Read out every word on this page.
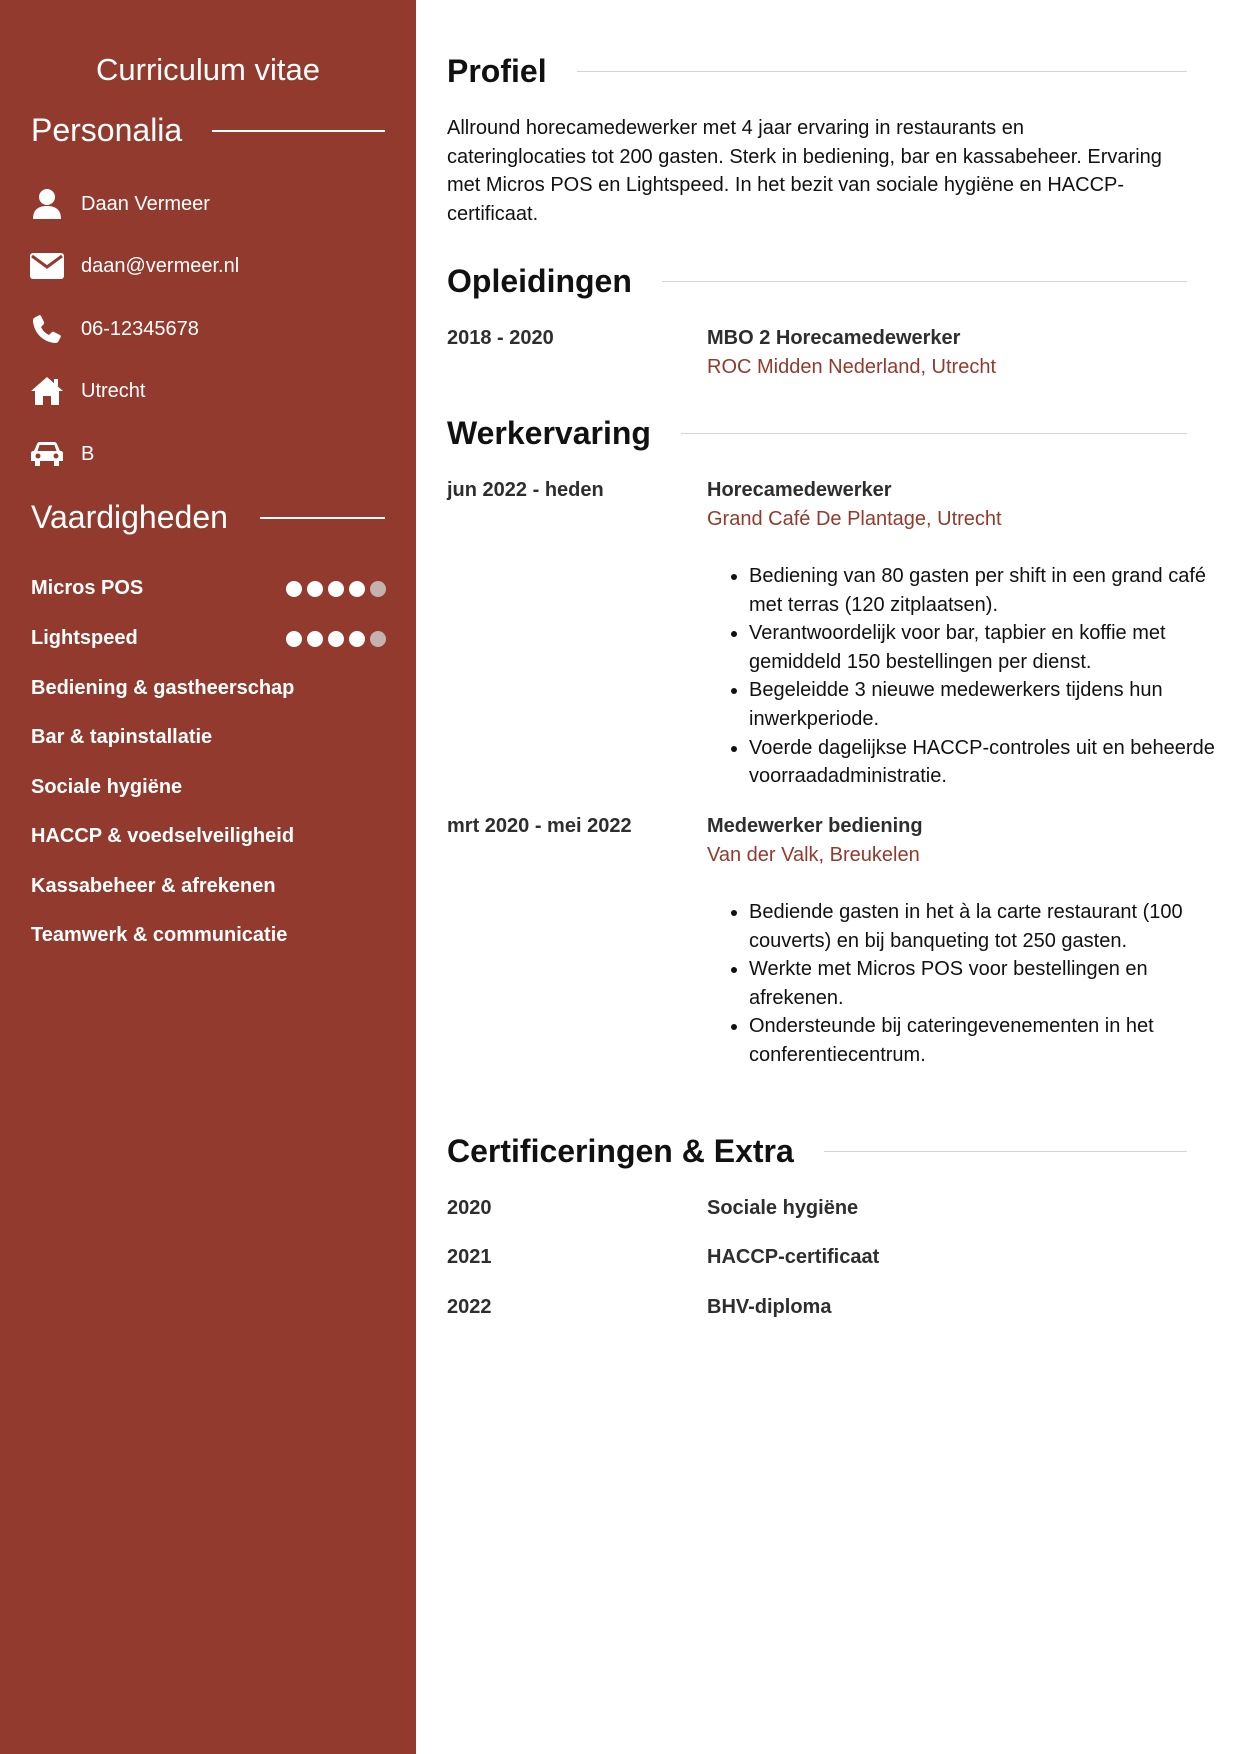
Curriculum vitae
Personalia
Daan Vermeer
daan@vermeer.nl
06-12345678
Utrecht
B
Vaardigheden
Micros POS
Lightspeed
Bediening & gastheerschap
Bar & tapinstallatie
Sociale hygiëne
HACCP & voedselveiligheid
Kassabeheer & afrekenen
Teamwerk & communicatie
Profiel

Allround horecamedewerker met 4 jaar ervaring in restaurants en cateringlocaties tot 200 gasten. Sterk in bediening, bar en kassabeheer. Ervaring met Micros POS en Lightspeed. In het bezit van sociale hygiëne en HACCP-certificaat.

Opleidingen
2018 - 2020	MBO 2 Horecamedewerker
ROC Midden Nederland, Utrecht
Werkervaring
jun 2022 - heden	Horecamedewerker
Grand Café De Plantage, Utrecht
• Bediening van 80 gasten per shift in een grand café met terras (120 zitplaatsen).
• Verantwoordelijk voor bar, tapbier en koffie met gemiddeld 150 bestellingen per dienst.
• Begeleidde 3 nieuwe medewerkers tijdens hun inwerkperiode.
• Voerde dagelijkse HACCP-controles uit en beheerde voorraadadministratie.
mrt 2020 - mei 2022	Medewerker bediening
Van der Valk, Breukelen
• Bediende gasten in het à la carte restaurant (100 couverts) en bij banqueting tot 250 gasten.
• Werkte met Micros POS voor bestellingen en afrekenen.
• Ondersteunde bij cateringevenementen in het conferentiecentrum.
Certificeringen & Extra
2020	Sociale hygiëne
2021	HACCP-certificaat
2022	BHV-diploma
